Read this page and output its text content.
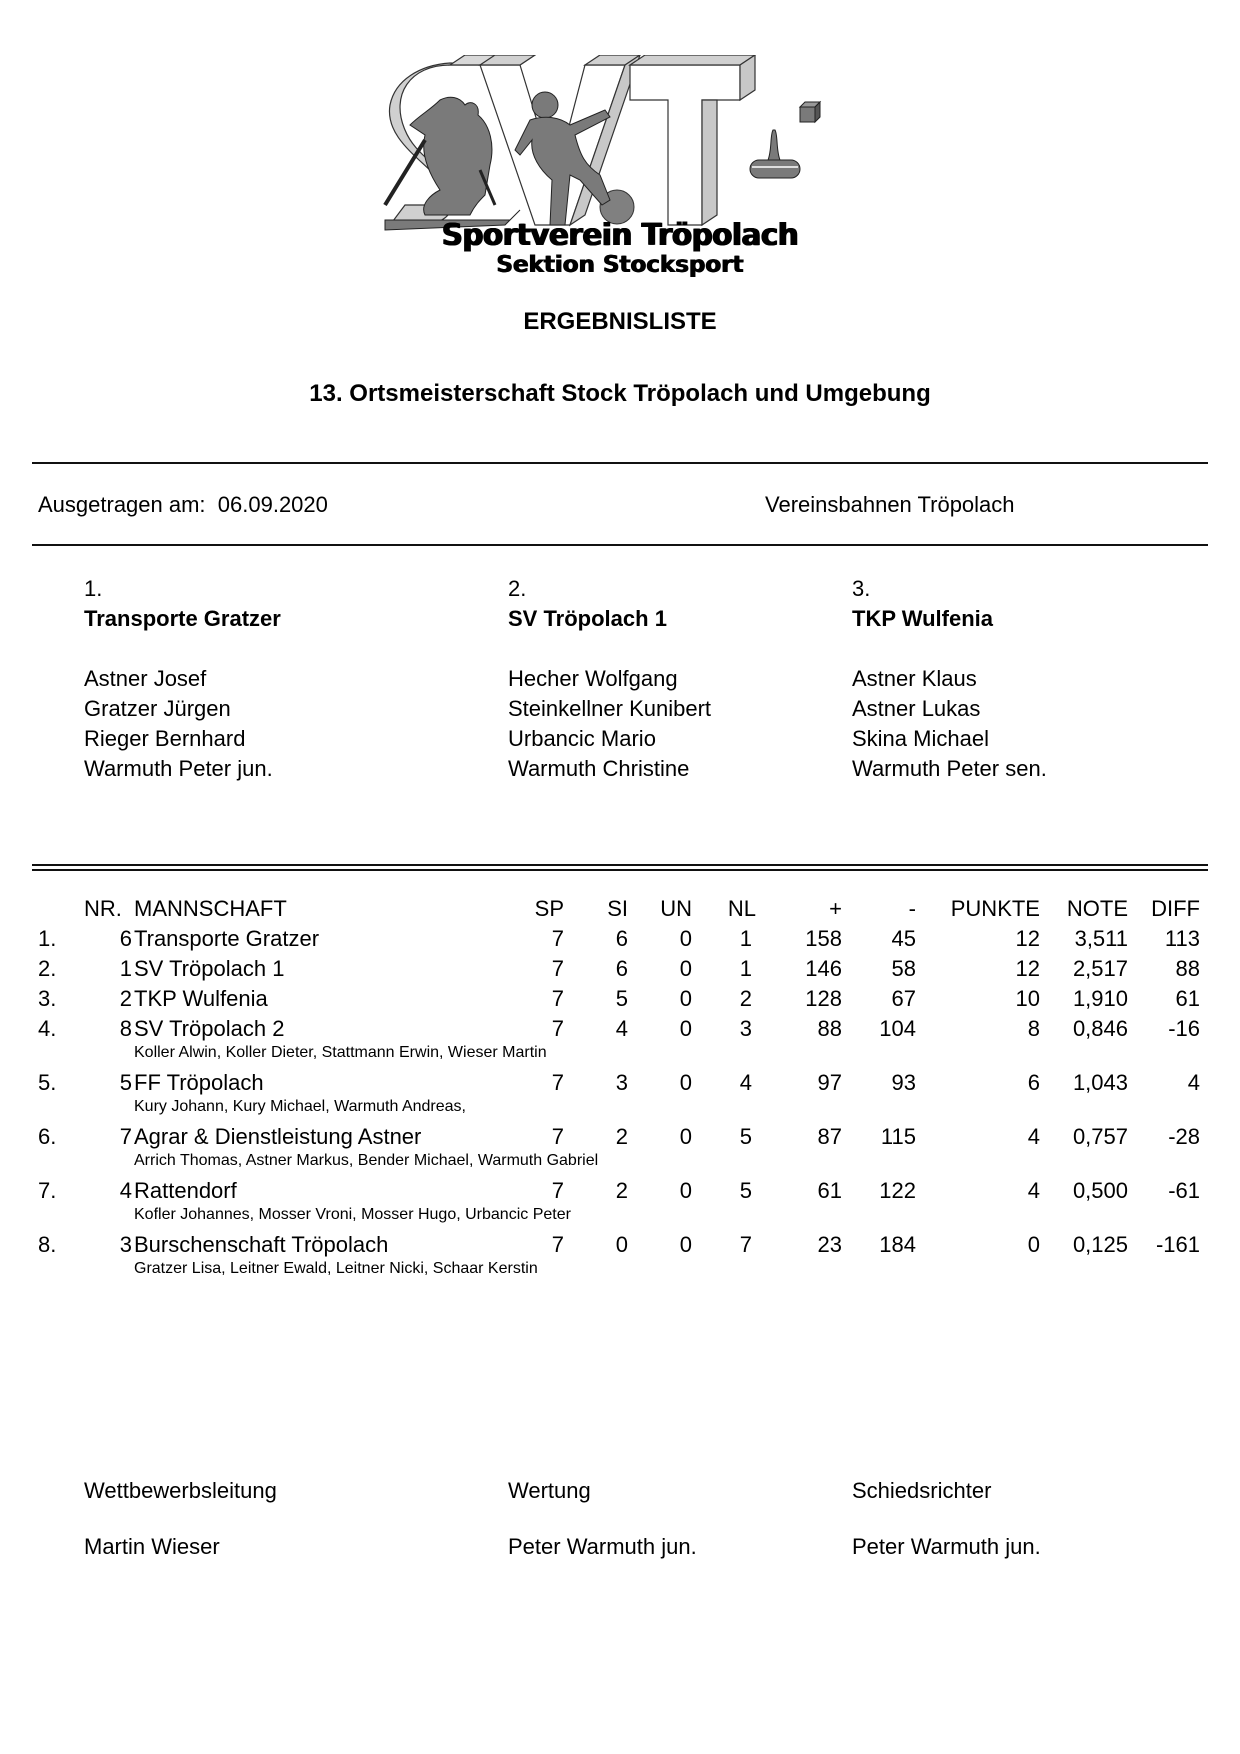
Sportverein Tröpolach
Sektion Stocksport
ERGEBNISLISTE
13. Ortsmeisterschaft Stock Tröpolach und Umgebung
Ausgetragen am: 06.09.2020	Vereinsbahnen Tröpolach
1.
Transporte Gratzer
Astner Josef
Gratzer Jürgen
Rieger Bernhard
Warmuth Peter jun.
2.
SV Tröpolach 1
Hecher Wolfgang
Steinkellner Kunibert
Urbancic Mario
Warmuth Christine
3.
TKP Wulfenia
Astner Klaus
Astner Lukas
Skina Michael
Warmuth Peter sen.
NR. MANNSCHAFT	SP SI UN NL	+	- PUNKTE NOTE DIFF
1.	6 Transporte Gratzer	7 6 0 1 158 45	12 3,511 113
2.	1 SV Tröpolach 1	7 6 0 1 146 58	12 2,517 88
3.	2 TKP Wulfenia	7 5 0 2 128 67	10 1,910 61
4.	8 SV Tröpolach 2	7 4 0 3	88 104	8 0,846 -16
Koller Alwin, Koller Dieter, Stattmann Erwin, Wieser Martin
5.	5 FF Tröpolach	7 3 0 4	97 93	6 1,043	4
Kury Johann, Kury Michael, Warmuth Andreas,
6.	7 Agrar & Dienstleistung Astner	7 2 0 5	87 115	4 0,757 -28
Arrich Thomas, Astner Markus, Bender Michael, Warmuth Gabriel
7.	4 Rattendorf	7 2 0 5	61 122	4 0,500 -61
Kofler Johannes, Mosser Vroni, Mosser Hugo, Urbancic Peter
8.	3 Burschenschaft Tröpolach	7 0 0 7	23 184	0 0,125 -161
Gratzer Lisa, Leitner Ewald, Leitner Nicki, Schaar Kerstin
Wettbewerbsleitung	Wertung	Schiedsrichter
Martin Wieser	Peter Warmuth jun.	Peter Warmuth jun.
